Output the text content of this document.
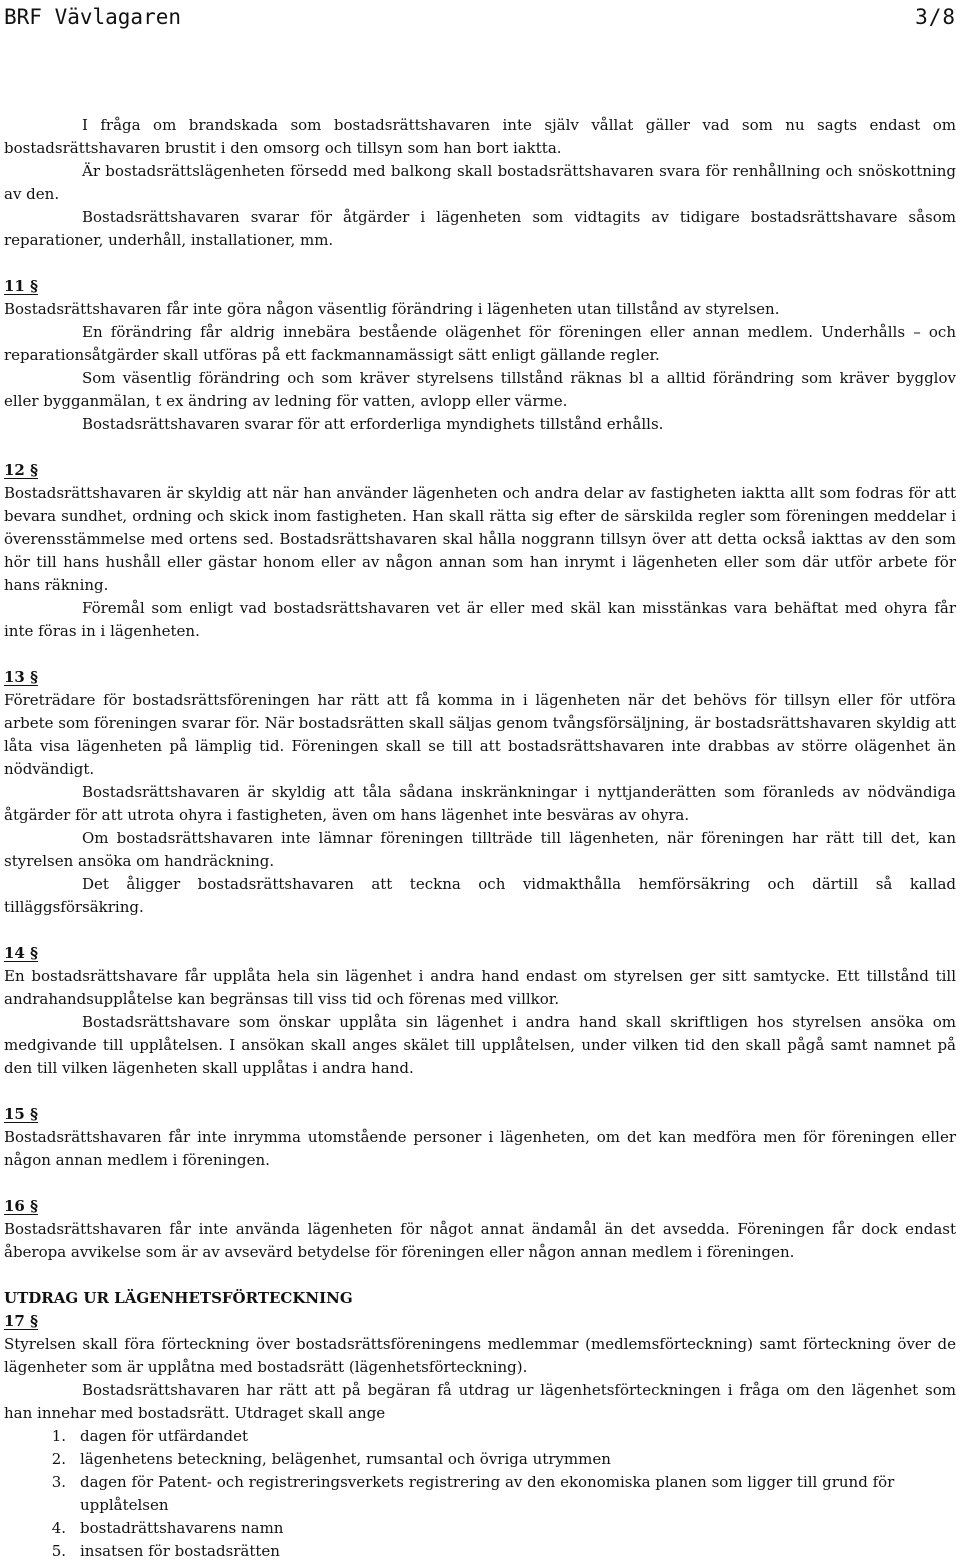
BRF Vävlagaren	3/8

I fråga om brandskada som bostadsrättshavaren inte själv vållat gäller vad som nu sagts endast om bostadsrättshavaren brustit i den omsorg och tillsyn som han bort iaktta.

Är bostadsrättslägenheten försedd med balkong skall bostadsrättshavaren svara för renhållning och snöskottning av den.

Bostadsrättshavaren svarar för åtgärder i lägenheten som vidtagits av tidigare bostadsrättshavare såsom reparationer, underhåll, installationer, mm.

11 §

Bostadsrättshavaren får inte göra någon väsentlig förändring i lägenheten utan tillstånd av styrelsen.

En förändring får aldrig innebära bestående olägenhet för föreningen eller annan medlem. Underhålls – och reparationsåtgärder skall utföras på ett fackmannamässigt sätt enligt gällande regler.

Som väsentlig förändring och som kräver styrelsens tillstånd räknas bl a alltid förändring som kräver bygglov eller bygganmälan, t ex ändring av ledning för vatten, avlopp eller värme.

Bostadsrättshavaren svarar för att erforderliga myndighets tillstånd erhålls.

12 §

Bostadsrättshavaren är skyldig att när han använder lägenheten och andra delar av fastigheten iaktta allt som fodras för att bevara sundhet, ordning och skick inom fastigheten. Han skall rätta sig efter de särskilda regler som föreningen meddelar i överensstämmelse med ortens sed. Bostadsrättshavaren skal hålla noggrann tillsyn över att detta också iakttas av den som hör till hans hushåll eller gästar honom eller av någon annan som han inrymt i lägenheten eller som där utför arbete för hans räkning.

Föremål som enligt vad bostadsrättshavaren vet är eller med skäl kan misstänkas vara behäftat med ohyra får inte föras in i lägenheten.

13 §

Företrädare för bostadsrättsföreningen har rätt att få komma in i lägenheten när det behövs för tillsyn eller för utföra arbete som föreningen svarar för. När bostadsrätten skall säljas genom tvångsförsäljning, är bostadsrättshavaren skyldig att låta visa lägenheten på lämplig tid. Föreningen skall se till att bostadsrättshavaren inte drabbas av större olägenhet än nödvändigt.

Bostadsrättshavaren är skyldig att tåla sådana inskränkningar i nyttjanderätten som föranleds av nödvändiga åtgärder för att utrota ohyra i fastigheten, även om hans lägenhet inte besväras av ohyra.

Om bostadsrättshavaren inte lämnar föreningen tillträde till lägenheten, när föreningen har rätt till det, kan styrelsen ansöka om handräckning.

Det åligger bostadsrättshavaren att teckna och vidmakthålla hemförsäkring och därtill så kallad tilläggsförsäkring.

14 §

En bostadsrättshavare får upplåta hela sin lägenhet i andra hand endast om styrelsen ger sitt samtycke. Ett tillstånd till andrahandsupplåtelse kan begränsas till viss tid och förenas med villkor.

Bostadsrättshavare som önskar upplåta sin lägenhet i andra hand skall skriftligen hos styrelsen ansöka om medgivande till upplåtelsen. I ansökan skall anges skälet till upplåtelsen, under vilken tid den skall pågå samt namnet på den till vilken lägenheten skall upplåtas i andra hand.

15 §

Bostadsrättshavaren får inte inrymma utomstående personer i lägenheten, om det kan medföra men för föreningen eller någon annan medlem i föreningen.

16 §

Bostadsrättshavaren får inte använda lägenheten för något annat ändamål än det avsedda. Föreningen får dock endast åberopa avvikelse som är av avsevärd betydelse för föreningen eller någon annan medlem i föreningen.

UTDRAG UR LÄGENHETSFÖRTECKNING

17 §

Styrelsen skall föra förteckning över bostadsrättsföreningens medlemmar (medlemsförteckning) samt förteckning över de lägenheter som är upplåtna med bostadsrätt (lägenhetsförteckning).

Bostadsrättshavaren har rätt att på begäran få utdrag ur lägenhetsförteckningen i fråga om den lägenhet som han innehar med bostadsrätt. Utdraget skall ange

1. dagen för utfärdandet
2. lägenhetens beteckning, belägenhet, rumsantal och övriga utrymmen
3. dagen för Patent- och registreringsverkets registrering av den ekonomiska planen som ligger till grund för upplåtelsen
4. bostadrättshavarens namn
5. insatsen för bostadsrätten
